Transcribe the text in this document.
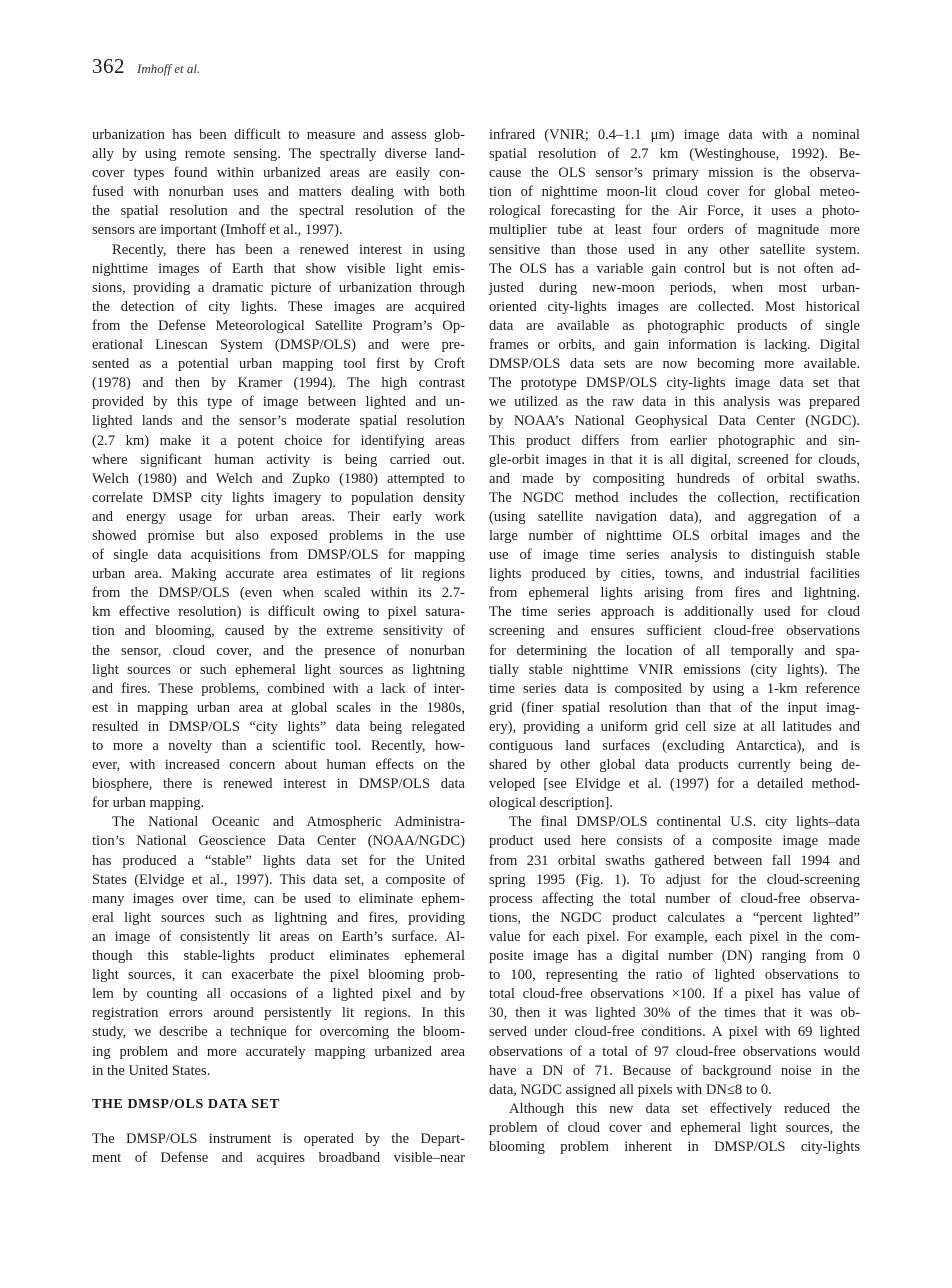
362 Imhoff et al.
urbanization has been difficult to measure and assess glob-
ally by using remote sensing. The spectrally diverse land-
cover types found within urbanized areas are easily con-
fused with nonurban uses and matters dealing with both
the spatial resolution and the spectral resolution of the
sensors are important (Imhoff et al., 1997).
Recently, there has been a renewed interest in using
nighttime images of Earth that show visible light emis-
sions, providing a dramatic picture of urbanization through
the detection of city lights. These images are acquired
from the Defense Meteorological Satellite Program’s Op-
erational Linescan System (DMSP/OLS) and were pre-
sented as a potential urban mapping tool first by Croft
(1978) and then by Kramer (1994). The high contrast
provided by this type of image between lighted and un-
lighted lands and the sensor’s moderate spatial resolution
(2.7 km) make it a potent choice for identifying areas
where significant human activity is being carried out.
Welch (1980) and Welch and Zupko (1980) attempted to
correlate DMSP city lights imagery to population density
and energy usage for urban areas. Their early work
showed promise but also exposed problems in the use
of single data acquisitions from DMSP/OLS for mapping
urban area. Making accurate area estimates of lit regions
from the DMSP/OLS (even when scaled within its 2.7-
km effective resolution) is difficult owing to pixel satura-
tion and blooming, caused by the extreme sensitivity of
the sensor, cloud cover, and the presence of nonurban
light sources or such ephemeral light sources as lightning
and fires. These problems, combined with a lack of inter-
est in mapping urban area at global scales in the 1980s,
resulted in DMSP/OLS “city lights” data being relegated
to more a novelty than a scientific tool. Recently, how-
ever, with increased concern about human effects on the
biosphere, there is renewed interest in DMSP/OLS data
for urban mapping.
The National Oceanic and Atmospheric Administra-
tion’s National Geoscience Data Center (NOAA/NGDC)
has produced a “stable” lights data set for the United
States (Elvidge et al., 1997). This data set, a composite of
many images over time, can be used to eliminate ephem-
eral light sources such as lightning and fires, providing
an image of consistently lit areas on Earth’s surface. Al-
though this stable-lights product eliminates ephemeral
light sources, it can exacerbate the pixel blooming prob-
lem by counting all occasions of a lighted pixel and by
registration errors around persistently lit regions. In this
study, we describe a technique for overcoming the bloom-
ing problem and more accurately mapping urbanized area
in the United States.
THE DMSP/OLS DATA SET
The DMSP/OLS instrument is operated by the Depart-
ment of Defense and acquires broadband visible–near
infrared (VNIR; 0.4–1.1 μm) image data with a nominal
spatial resolution of 2.7 km (Westinghouse, 1992). Be-
cause the OLS sensor’s primary mission is the observa-
tion of nighttime moon-lit cloud cover for global meteo-
rological forecasting for the Air Force, it uses a photo-
multiplier tube at least four orders of magnitude more
sensitive than those used in any other satellite system.
The OLS has a variable gain control but is not often ad-
justed during new-moon periods, when most urban-
oriented city-lights images are collected. Most historical
data are available as photographic products of single
frames or orbits, and gain information is lacking. Digital
DMSP/OLS data sets are now becoming more available.
The prototype DMSP/OLS city-lights image data set that
we utilized as the raw data in this analysis was prepared
by NOAA’s National Geophysical Data Center (NGDC).
This product differs from earlier photographic and sin-
gle-orbit images in that it is all digital, screened for clouds,
and made by compositing hundreds of orbital swaths.
The NGDC method includes the collection, rectification
(using satellite navigation data), and aggregation of a
large number of nighttime OLS orbital images and the
use of image time series analysis to distinguish stable
lights produced by cities, towns, and industrial facilities
from ephemeral lights arising from fires and lightning.
The time series approach is additionally used for cloud
screening and ensures sufficient cloud-free observations
for determining the location of all temporally and spa-
tially stable nighttime VNIR emissions (city lights). The
time series data is composited by using a 1-km reference
grid (finer spatial resolution than that of the input imag-
ery), providing a uniform grid cell size at all latitudes and
contiguous land surfaces (excluding Antarctica), and is
shared by other global data products currently being de-
veloped [see Elvidge et al. (1997) for a detailed method-
ological description].
The final DMSP/OLS continental U.S. city lights–data
product used here consists of a composite image made
from 231 orbital swaths gathered between fall 1994 and
spring 1995 (Fig. 1). To adjust for the cloud-screening
process affecting the total number of cloud-free observa-
tions, the NGDC product calculates a “percent lighted”
value for each pixel. For example, each pixel in the com-
posite image has a digital number (DN) ranging from 0
to 100, representing the ratio of lighted observations to
total cloud-free observations ×100. If a pixel has value of
30, then it was lighted 30% of the times that it was ob-
served under cloud-free conditions. A pixel with 69 lighted
observations of a total of 97 cloud-free observations would
have a DN of 71. Because of background noise in the
data, NGDC assigned all pixels with DN≤8 to 0.
Although this new data set effectively reduced the
problem of cloud cover and ephemeral light sources, the
blooming problem inherent in DMSP/OLS city-lights
